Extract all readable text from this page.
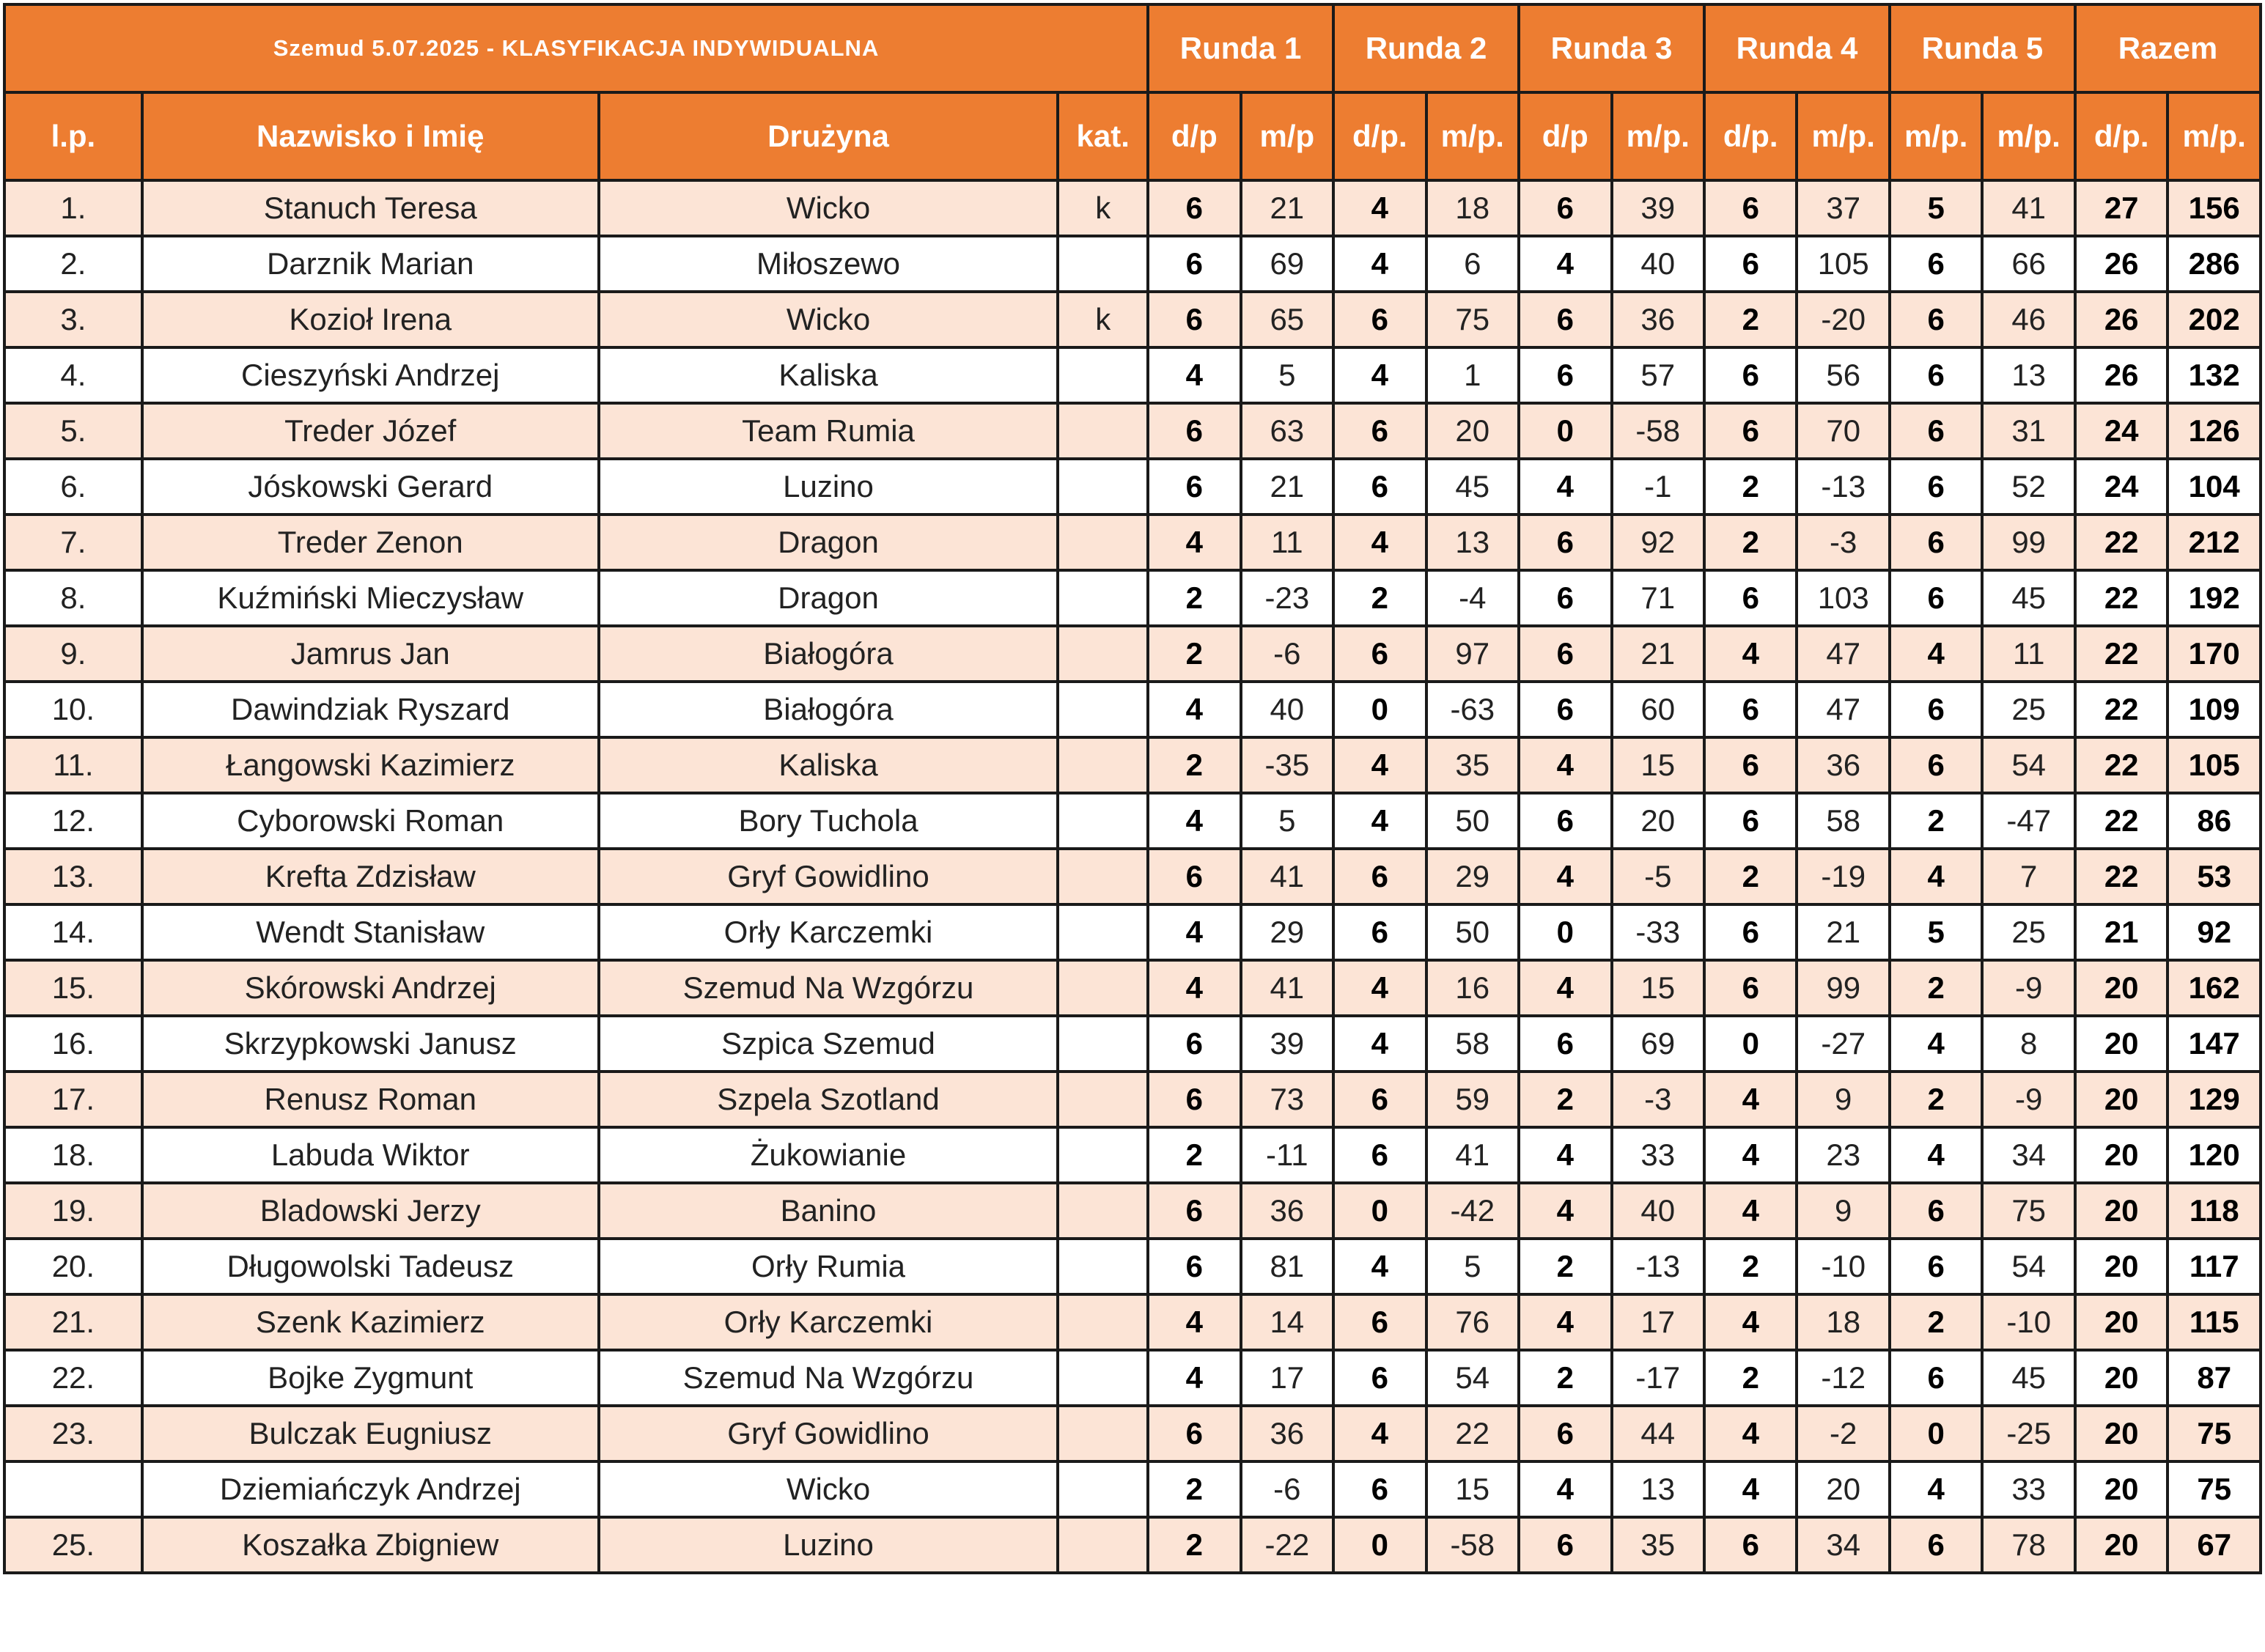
Szemud 5.07.2025 - KLASYFIKACJA INDYWIDUALNA				Runda 1		Runda 2		Runda 3		Runda 4		Runda 5		Razem	
l.p.	Nazwisko i Imię	Drużyna	kat.	d/p	m/p	d/p.	m/p.	d/p	m/p.	d/p.	m/p.	m/p.	m/p.	d/p.	m/p.
1.	Stanuch Teresa	Wicko	k	6	21	4	18	6	39	6	37	5	41	27	156
2.	Darznik Marian	Miłoszewo		6	69	4	6	4	40	6	105	6	66	26	286
3.	Kozioł Irena	Wicko	k	6	65	6	75	6	36	2	-20	6	46	26	202
4.	Cieszyński Andrzej	Kaliska		4	5	4	1	6	57	6	56	6	13	26	132
5.	Treder Józef	Team Rumia		6	63	6	20	0	-58	6	70	6	31	24	126
6.	Jóskowski Gerard	Luzino		6	21	6	45	4	-1	2	-13	6	52	24	104
7.	Treder Zenon	Dragon		4	11	4	13	6	92	2	-3	6	99	22	212
8.	Kuźmiński Mieczysław	Dragon		2	-23	2	-4	6	71	6	103	6	45	22	192
9.	Jamrus Jan	Białogóra		2	-6	6	97	6	21	4	47	4	11	22	170
10.	Dawindziak Ryszard	Białogóra		4	40	0	-63	6	60	6	47	6	25	22	109
11.	Łangowski Kazimierz	Kaliska		2	-35	4	35	4	15	6	36	6	54	22	105
12.	Cyborowski Roman	Bory Tuchola		4	5	4	50	6	20	6	58	2	-47	22	86
13.	Krefta Zdzisław	Gryf Gowidlino		6	41	6	29	4	-5	2	-19	4	7	22	53
14.	Wendt Stanisław	Orły Karczemki		4	29	6	50	0	-33	6	21	5	25	21	92
15.	Skórowski Andrzej	Szemud Na Wzgórzu		4	41	4	16	4	15	6	99	2	-9	20	162
16.	Skrzypkowski Janusz	Szpica Szemud		6	39	4	58	6	69	0	-27	4	8	20	147
17.	Renusz Roman	Szpela Szotland		6	73	6	59	2	-3	4	9	2	-9	20	129
18.	Labuda Wiktor	Żukowianie		2	-11	6	41	4	33	4	23	4	34	20	120
19.	Bladowski Jerzy	Banino		6	36	0	-42	4	40	4	9	6	75	20	118
20.	Długowolski Tadeusz	Orły Rumia		6	81	4	5	2	-13	2	-10	6	54	20	117
21.	Szenk Kazimierz	Orły Karczemki		4	14	6	76	4	17	4	18	2	-10	20	115
22.	Bojke Zygmunt	Szemud Na Wzgórzu		4	17	6	54	2	-17	2	-12	6	45	20	87
23.	Bulczak Eugniusz	Gryf Gowidlino		6	36	4	22	6	44	4	-2	0	-25	20	75
	Dziemiańczyk Andrzej	Wicko		2	-6	6	15	4	13	4	20	4	33	20	75
25.	Koszałka Zbigniew	Luzino		2	-22	0	-58	6	35	6	34	6	78	20	67
